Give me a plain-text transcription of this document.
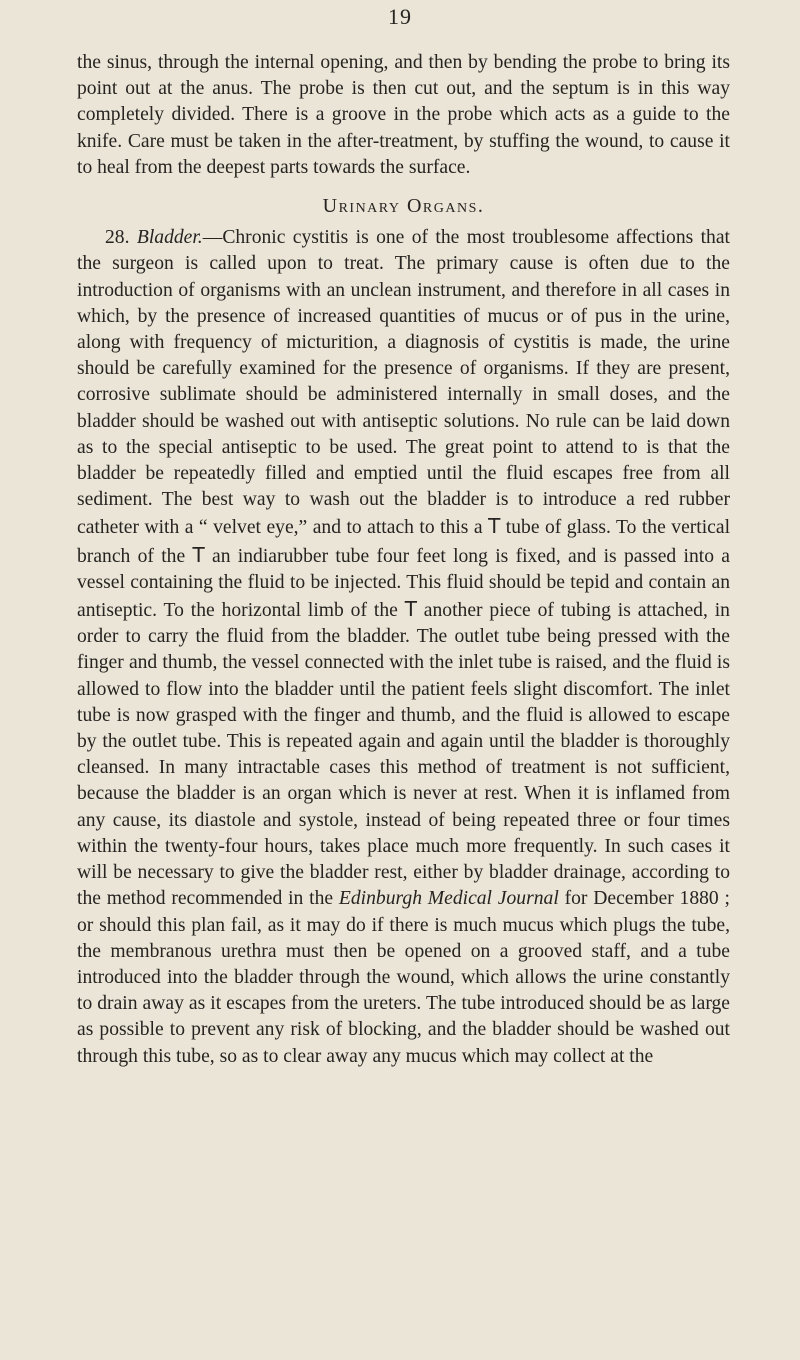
19

the sinus, through the internal opening, and then by bending the probe to bring its point out at the anus. The probe is then cut out, and the septum is in this way completely divided. There is a groove in the probe which acts as a guide to the knife. Care must be taken in the after-treatment, by stuffing the wound, to cause it to heal from the deepest parts towards the surface.

Urinary Organs.

28. Bladder.—Chronic cystitis is one of the most troublesome affections that the surgeon is called upon to treat. The primary cause is often due to the introduction of organisms with an unclean instrument, and therefore in all cases in which, by the presence of increased quantities of mucus or of pus in the urine, along with frequency of micturition, a diagnosis of cystitis is made, the urine should be carefully examined for the presence of organisms. If they are present, corrosive sublimate should be administered internally in small doses, and the bladder should be washed out with antiseptic solutions. No rule can be laid down as to the special antiseptic to be used. The great point to attend to is that the bladder be repeatedly filled and emptied until the fluid escapes free from all sediment. The best way to wash out the bladder is to introduce a red rubber catheter with a “ velvet eye,” and to attach to this a T tube of glass. To the vertical branch of the T an indiarubber tube four feet long is fixed, and is passed into a vessel containing the fluid to be injected. This fluid should be tepid and contain an antiseptic. To the horizontal limb of the T another piece of tubing is attached, in order to carry the fluid from the bladder. The outlet tube being pressed with the finger and thumb, the vessel connected with the inlet tube is raised, and the fluid is allowed to flow into the bladder until the patient feels slight discomfort. The inlet tube is now grasped with the finger and thumb, and the fluid is allowed to escape by the outlet tube. This is repeated again and again until the bladder is thoroughly cleansed. In many intractable cases this method of treatment is not sufficient, because the bladder is an organ which is never at rest. When it is inflamed from any cause, its diastole and systole, instead of being repeated three or four times within the twenty-four hours, takes place much more frequently. In such cases it will be necessary to give the bladder rest, either by bladder drainage, according to the method recommended in the Edinburgh Medical Journal for December 1880 ; or should this plan fail, as it may do if there is much mucus which plugs the tube, the membranous urethra must then be opened on a grooved staff, and a tube introduced into the bladder through the wound, which allows the urine constantly to drain away as it escapes from the ureters. The tube introduced should be as large as possible to prevent any risk of blocking, and the bladder should be washed out through this tube, so as to clear away any mucus which may collect at the
